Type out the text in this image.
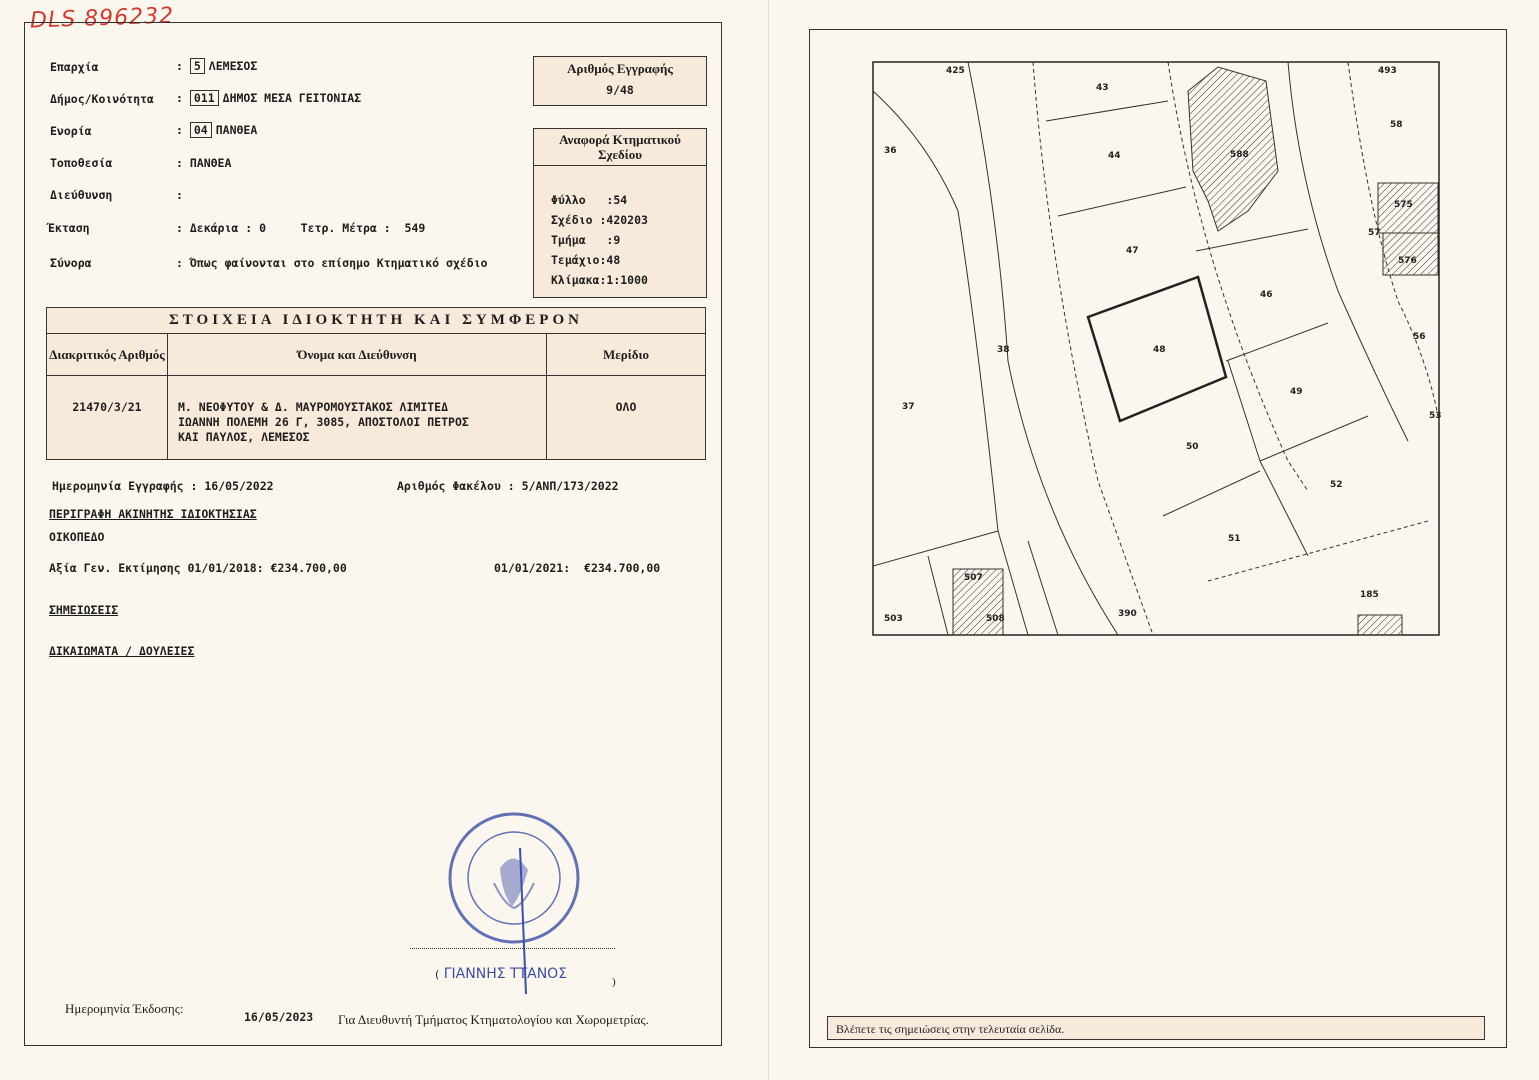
DLS 896232
Επαρχία	: 5 ΛΕΜΕΣΟΣ
Δήμος/Κοινότητα : 011 ΔΗΜΟΣ ΜΕΣΑ ΓΕΙΤΟΝΙΑΣ
Ενορία	: 04 ΠΑΝΘΕΑ
Τοποθεσία	: ΠΑΝΘΕΑ
Διεύθυνση	:
Έκταση	: Δεκάρια : 0	Τετρ. Μέτρα :  549
Σύνορα	: Όπως φαίνονται στο επίσημο Κτηματικό σχέδιο
Αριθμός Εγγραφής
9/48
Αναφορά Κτηματικού Σχεδίου
Φύλλο   :54
Σχέδιο :420203
Τμήμα   :9
Τεμάχιο:48
Κλίμακα:1:1000
ΣΤΟΙΧΕΙΑ ΙΔΙΟΚΤΗΤΗ ΚΑΙ ΣΥΜΦΕΡΟΝ		
Διακριτικός Αριθμός	Όνομα και Διεύθυνση	Μερίδιο
21470/3/21	Μ. ΝΕΟΦΥΤΟΥ & Δ. ΜΑΥΡΟΜΟΥΣΤΑΚΟΣ ΛΙΜΙΤΕΔ
ΙΩΑΝΝΗ ΠΟΛΕΜΗ 26 Γ, 3085, ΑΠΟΣΤΟΛΟΙ ΠΕΤΡΟΣ
ΚΑΙ ΠΑΥΛΟΣ, ΛΕΜΕΣΟΣ	ΟΛΟ
Ημερομηνία Εγγραφής : 16/05/2022	Αριθμός Φακέλου : 5/ΑΝΠ/173/2022
ΠΕΡΙΓΡΑΦΗ ΑΚΙΝΗΤΗΣ ΙΔΙΟΚΤΗΣΙΑΣ
ΟΙΚΟΠΕΔΟ
Αξία Γεν. Εκτίμησης 01/01/2018: €234.700,00	01/01/2021: €234.700,00
ΣΗΜΕΙΩΣΕΙΣ
ΔΙΚΑΙΩΜΑΤΑ / ΔΟΥΛΕΙΕΣ
( ΓΙΑΝΝΗΣ ΤΤΑΝΟΣ	)
Ημερομηνία Έκδοσης:
16/05/2023 Για Διευθυντή Τμήματος Κτηματολογίου και Χωρομετρίας.
425	493
43
44
36
58
588
575
57
576
47
46
56
38	48
37
49
53
50
52
51
185
507
508
503	390
Βλέπετε τις σημειώσεις στην τελευταία σελίδα.
